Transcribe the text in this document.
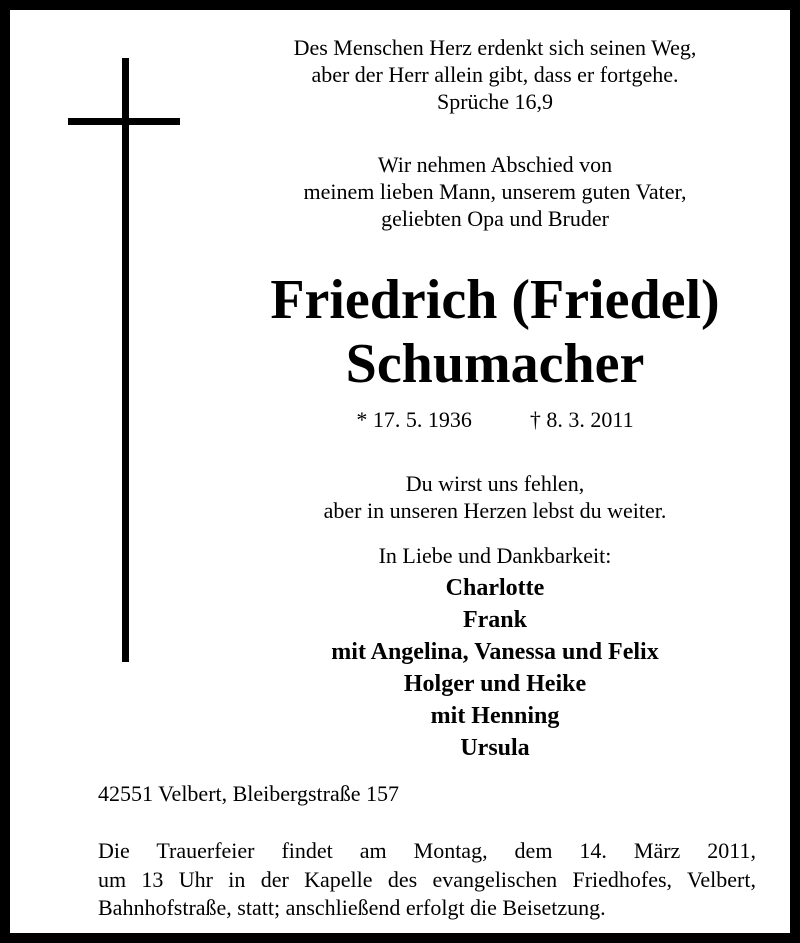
Des Menschen Herz erdenkt sich seinen Weg,
aber der Herr allein gibt, dass er fortgehe.
Sprüche 16,9
Wir nehmen Abschied von
meinem lieben Mann, unserem guten Vater,
geliebten Opa und Bruder
Friedrich (Friedel)
Schumacher
* 17. 5. 1936	† 8. 3. 2011
Du wirst uns fehlen,
aber in unseren Herzen lebst du weiter.
In Liebe und Dankbarkeit:
Charlotte
Frank
mit Angelina, Vanessa und Felix
Holger und Heike
mit Henning
Ursula
42551 Velbert, Bleibergstraße 157
Die Trauerfeier findet am Montag, dem 14. März 2011,
um 13 Uhr in der Kapelle des evangelischen Friedhofes, Velbert,
Bahnhofstraße, statt; anschließend erfolgt die Beisetzung.
